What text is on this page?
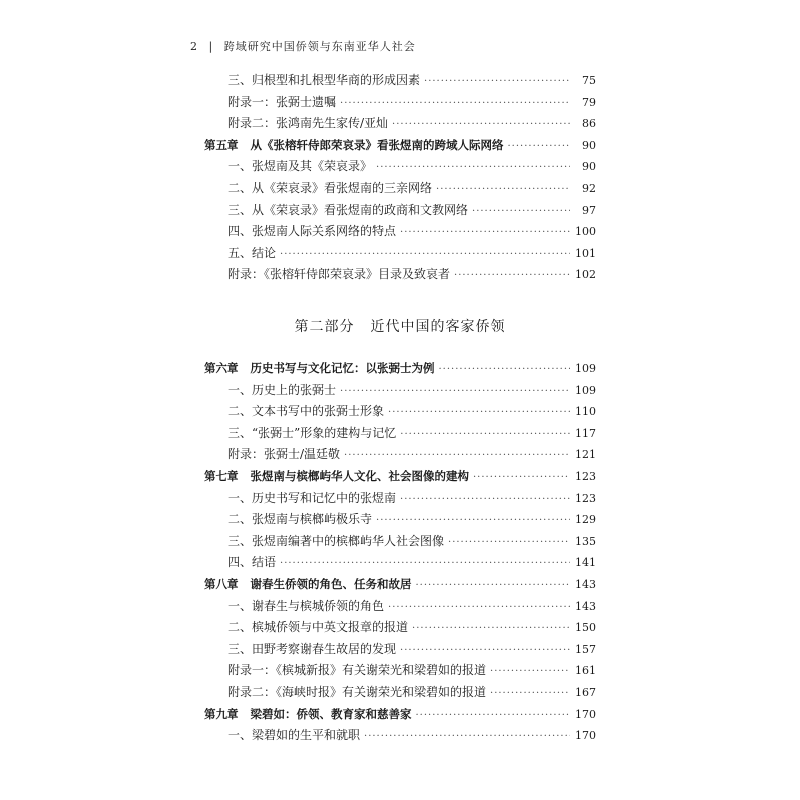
2 | 跨域研究中国侨领与东南亚华人社会
三、归根型和扎根型华商的形成因素 ·····	75
附录一：张弼士遗嘱 ·····	79
附录二：张鸿南先生家传/亚灿 ·····	86
第五章 从《张榕轩侍郎荣哀录》看张煜南的跨域人际网络 ·····	90
一、张煜南及其《荣哀录》 ·····	90
二、从《荣哀录》看张煜南的三亲网络 ·····	92
三、从《荣哀录》看张煜南的政商和文教网络 ·····	97
四、张煜南人际关系网络的特点 ·····	100
五、结论 ·····	101
附录：《张榕轩侍郎荣哀录》目录及致哀者 ·····	102
第二部分 近代中国的客家侨领
第六章 历史书写与文化记忆：以张弼士为例 ·····	109
一、历史上的张弼士 ·····	109
二、文本书写中的张弼士形象 ·····	110
三、“张弼士”形象的建构与记忆 ·····	117
附录：张弼士/温廷敬 ·····	121
第七章 张煜南与槟榔屿华人文化、社会图像的建构 ·····	123
一、历史书写和记忆中的张煜南 ·····	123
二、张煜南与槟榔屿极乐寺 ·····	129
三、张煜南编著中的槟榔屿华人社会图像 ·····	135
四、结语 ·····	141
第八章 谢春生侨领的角色、任务和故居 ·····	143
一、谢春生与槟城侨领的角色 ·····	143
二、槟城侨领与中英文报章的报道 ·····	150
三、田野考察谢春生故居的发现 ·····	157
附录一：《槟城新报》有关谢荣光和梁碧如的报道 ·····	161
附录二：《海峡时报》有关谢荣光和梁碧如的报道 ·····	167
第九章 梁碧如：侨领、教育家和慈善家 ·····	170
一、梁碧如的生平和就职 ·····	170
